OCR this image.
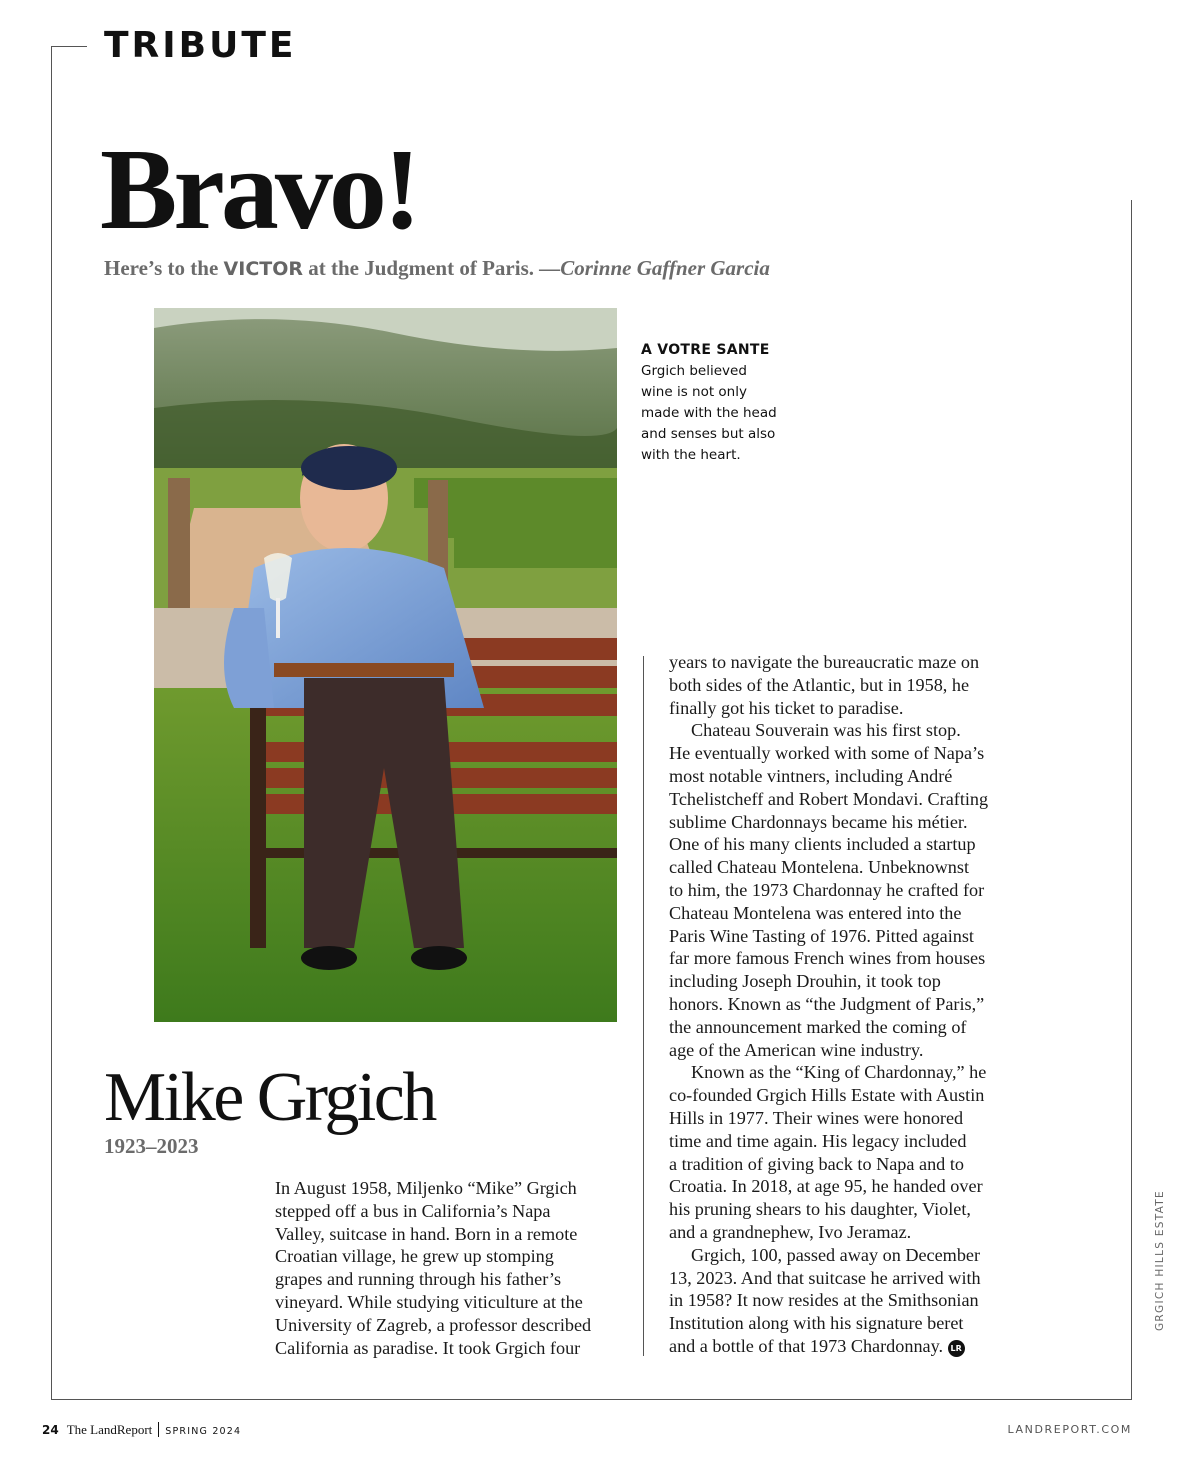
TRIBUTE
Bravo!
Here’s to the VICTOR at the Judgment of Paris. —Corinne Gaffner Garcia
A VOTRE SANTE
Grgich believed
wine is not only
made with the head
and senses but also
with the heart.
Mike Grgich
1923–2023

In August 1958, Miljenko “Mike” Grgich

stepped off a bus in California’s Napa

Valley, suitcase in hand. Born in a remote

Croatian village, he grew up stomping

grapes and running through his father’s

vineyard. While studying viticulture at the

University of Zagreb, a professor described

California as paradise. It took Grgich four

years to navigate the bureaucratic maze on

both sides of the Atlantic, but in 1958, he

finally got his ticket to paradise.

Chateau Souverain was his first stop.

He eventually worked with some of Napa’s

most notable vintners, including André

Tchelistcheff and Robert Mondavi. Crafting

sublime Chardonnays became his métier.

One of his many clients included a startup

called Chateau Montelena. Unbeknownst

to him, the 1973 Chardonnay he crafted for

Chateau Montelena was entered into the

Paris Wine Tasting of 1976. Pitted against

far more famous French wines from houses

including Joseph Drouhin, it took top

honors. Known as “the Judgment of Paris,”

the announcement marked the coming of

age of the American wine industry.

Known as the “King of Chardonnay,” he

co-founded Grgich Hills Estate with Austin

Hills in 1977. Their wines were honored

time and time again. His legacy included

a tradition of giving back to Napa and to

Croatia. In 2018, at age 95, he handed over

his pruning shears to his daughter, Violet,

and a grandnephew, Ivo Jeramaz.

Grgich, 100, passed away on December

13, 2023. And that suitcase he arrived with

in 1958? It now resides at the Smithsonian

Institution along with his signature beret

and a bottle of that 1973 Chardonnay. LR

GRGICH HILLS ESTATE
24 The LandReport SPRING 2024	LANDREPORT.COM
